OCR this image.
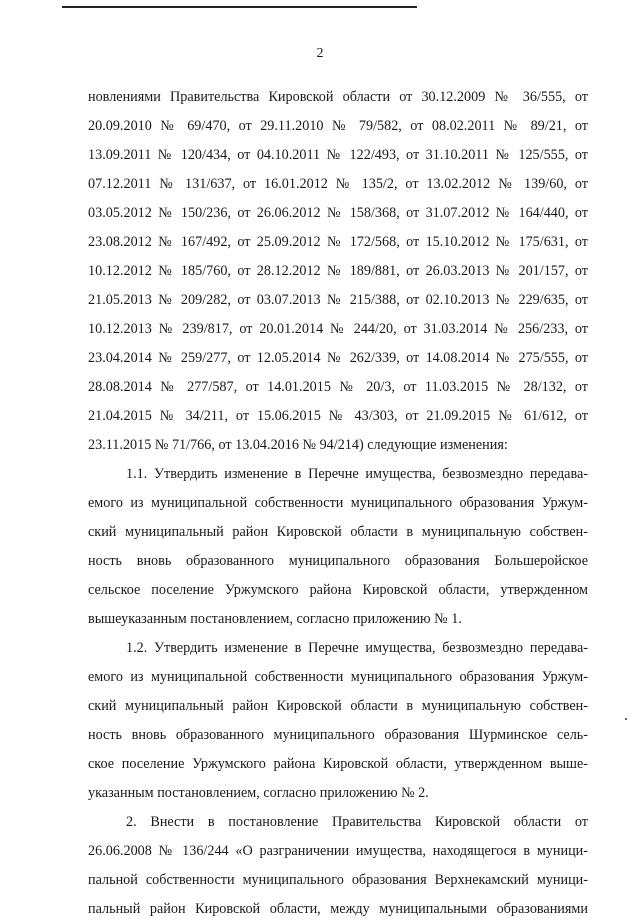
2
новлениями Правительства Кировской области от 30.12.2009 № 36/555, от
20.09.2010 № 69/470, от 29.11.2010 № 79/582, от 08.02.2011 № 89/21, от
13.09.2011 № 120/434, от 04.10.2011 № 122/493, от 31.10.2011 № 125/555, от
07.12.2011 № 131/637, от 16.01.2012 № 135/2, от 13.02.2012 № 139/60, от
03.05.2012 № 150/236, от 26.06.2012 № 158/368, от 31.07.2012 № 164/440, от
23.08.2012 № 167/492, от 25.09.2012 № 172/568, от 15.10.2012 № 175/631, от
10.12.2012 № 185/760, от 28.12.2012 № 189/881, от 26.03.2013 № 201/157, от
21.05.2013 № 209/282, от 03.07.2013 № 215/388, от 02.10.2013 № 229/635, от
10.12.2013 № 239/817, от 20.01.2014 № 244/20, от 31.03.2014 № 256/233, от
23.04.2014 № 259/277, от 12.05.2014 № 262/339, от 14.08.2014 № 275/555, от
28.08.2014 № 277/587, от 14.01.2015 № 20/3, от 11.03.2015 № 28/132, от
21.04.2015 № 34/211, от 15.06.2015 № 43/303, от 21.09.2015 № 61/612, от
23.11.2015 № 71/766, от 13.04.2016 № 94/214) следующие изменения:
1.1. Утвердить изменение в Перечне имущества, безвозмездно передава-
емого из муниципальной собственности муниципального образования Уржум-
ский муниципальный район Кировской области в муниципальную собствен-
ность вновь образованного муниципального образования Большеройское
сельское поселение Уржумского района Кировской области, утвержденном
вышеуказанным постановлением, согласно приложению № 1.
1.2. Утвердить изменение в Перечне имущества, безвозмездно передава-
емого из муниципальной собственности муниципального образования Уржум-
ский муниципальный район Кировской области в муниципальную собствен-
ность вновь образованного муниципального образования Шурминское сель-
ское поселение Уржумского района Кировской области, утвержденном выше-
указанным постановлением, согласно приложению № 2.
2. Внести в постановление Правительства Кировской области от
26.06.2008 № 136/244 «О разграничении имущества, находящегося в муници-
пальной собственности муниципального образования Верхнекамский муници-
пальный район Кировской области, между муниципальными образованиями
